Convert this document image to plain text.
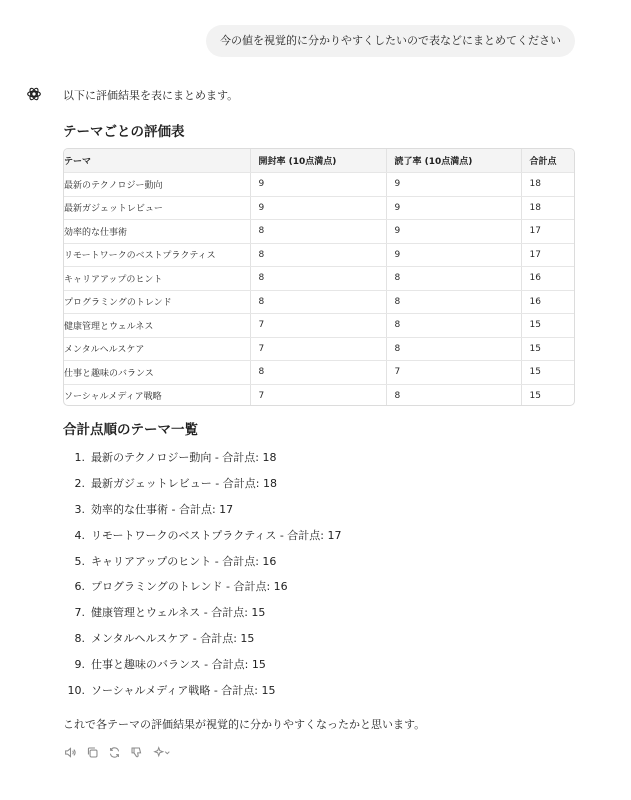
今の値を視覚的に分かりやすくしたいので表などにまとめてください
以下に評価結果を表にまとめます。
テーマごとの評価表
テーマ	開封率 (10点満点)	読了率 (10点満点)	合計点
最新のテクノロジー動向	9	9	18
最新ガジェットレビュー	9	9	18
効率的な仕事術	8	9	17
リモートワークのベストプラクティス	8	9	17
キャリアアップのヒント	8	8	16
プログラミングのトレンド	8	8	16
健康管理とウェルネス	7	8	15
メンタルヘルスケア	7	8	15
仕事と趣味のバランス	8	7	15
ソーシャルメディア戦略	7	8	15
合計点順のテーマ一覧
1. 最新のテクノロジー動向 - 合計点: 18
2. 最新ガジェットレビュー - 合計点: 18
3. 効率的な仕事術 - 合計点: 17
4. リモートワークのベストプラクティス - 合計点: 17
5. キャリアアップのヒント - 合計点: 16
6. プログラミングのトレンド - 合計点: 16
7. 健康管理とウェルネス - 合計点: 15
8. メンタルヘルスケア - 合計点: 15
9. 仕事と趣味のバランス - 合計点: 15
10. ソーシャルメディア戦略 - 合計点: 15
これで各テーマの評価結果が視覚的に分かりやすくなったかと思います。
